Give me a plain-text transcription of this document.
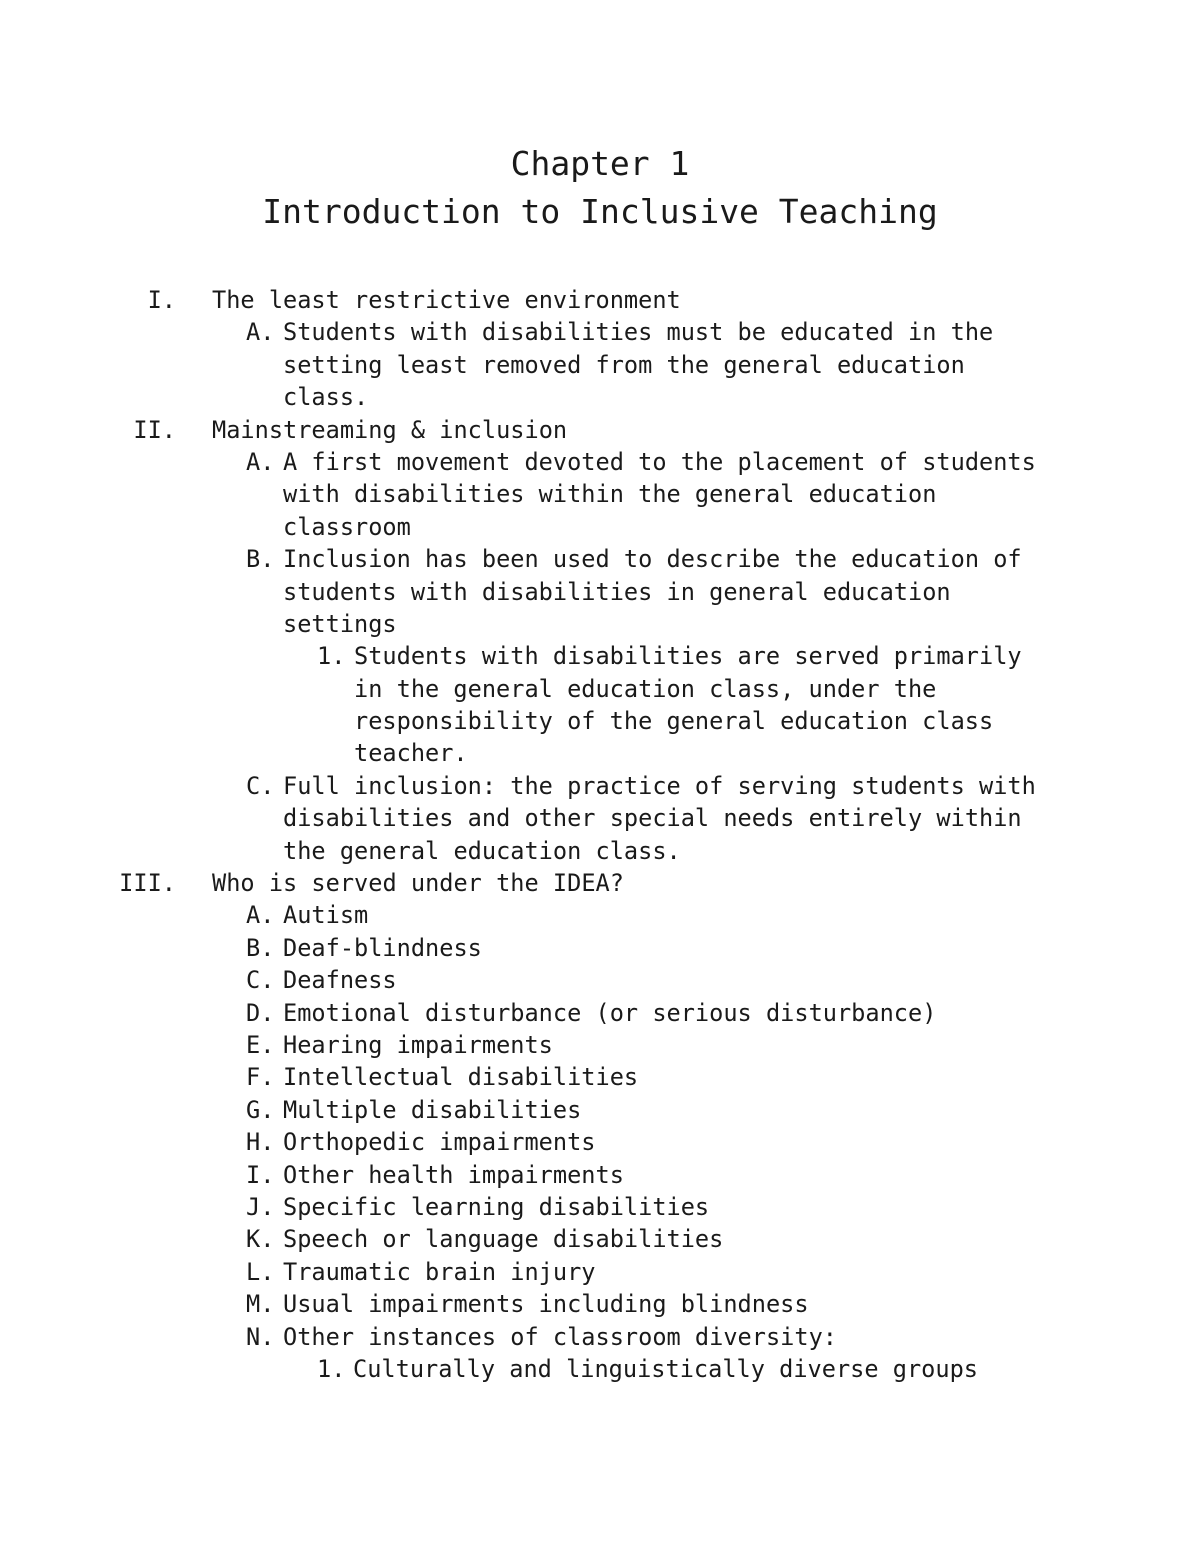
Chapter 1
Introduction to Inclusive Teaching
I. The least restrictive environment
A. Students with disabilities must be educated in the
setting least removed from the general education
class.
II. Mainstreaming & inclusion
A. A first movement devoted to the placement of students
with disabilities within the general education
classroom
B. Inclusion has been used to describe the education of
students with disabilities in general education
settings
1. Students with disabilities are served primarily
in the general education class, under the
responsibility of the general education class
teacher.
C. Full inclusion: the practice of serving students with
disabilities and other special needs entirely within
the general education class.
III. Who is served under the IDEA?
A. Autism
B. Deaf-blindness
C. Deafness
D. Emotional disturbance (or serious disturbance)
E. Hearing impairments
F. Intellectual disabilities
G. Multiple disabilities
H. Orthopedic impairments
I. Other health impairments
J. Specific learning disabilities
K. Speech or language disabilities
L. Traumatic brain injury
M. Usual impairments including blindness
N. Other instances of classroom diversity:
1. Culturally and linguistically diverse groups
